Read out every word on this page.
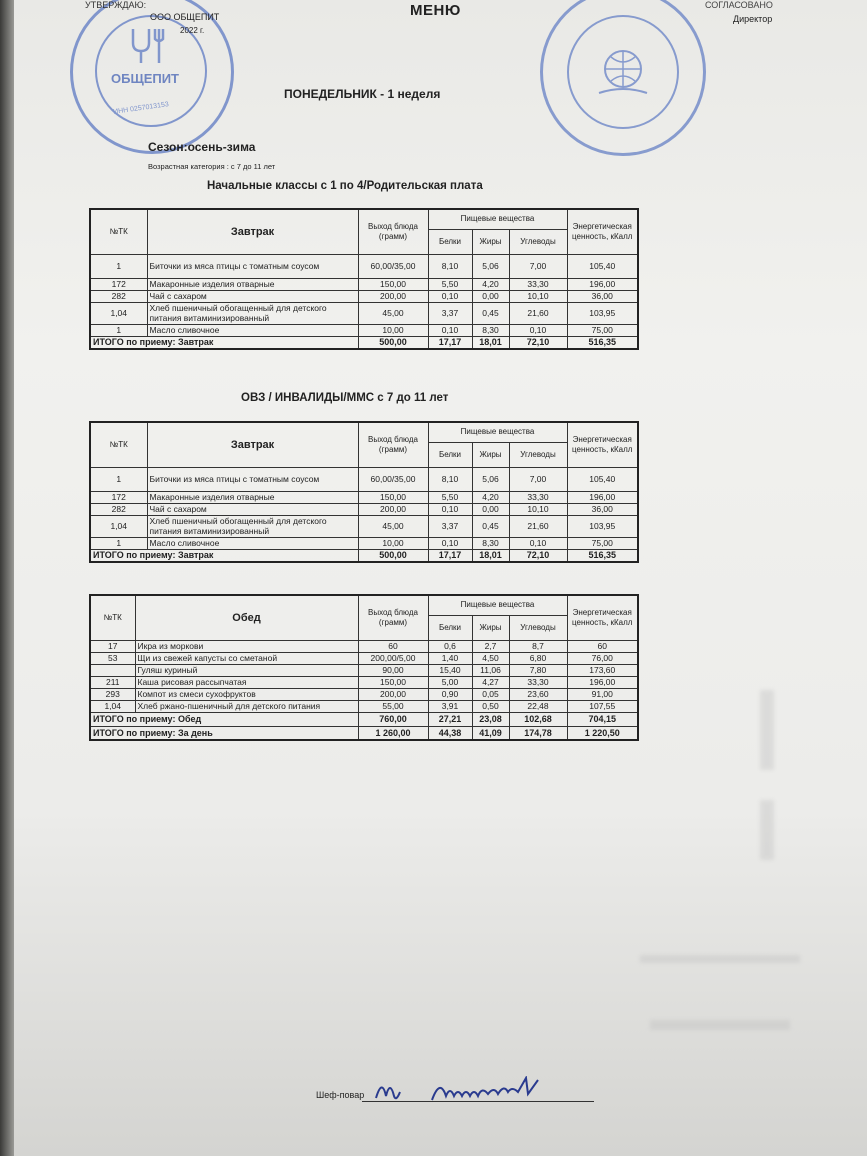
ОБЩЕПИТ
ИНН 0257013153
УТВЕРЖДАЮ:
ООО ОБЩЕПИТ
2022 г.
МЕНЮ	СОГЛАСОВАНО
Директор
ПОНЕДЕЛЬНИК - 1 неделя
Сезон:осень-зима
Возрастная категория : с 7 до 11 лет
Начальные классы с 1 по 4/Родительская плата
ОВЗ / ИНВАЛИДЫ/ММС с 7 до 11 лет
№ТК	Завтрак	Выход блюда (грамм)	Пищевые вещества			Энергетическая ценность, кКалл
			Белки	Жиры	Углеводы	
1	Биточки из мяса птицы с томатным соусом	60,00/35,00	8,10	5,06	7,00	105,40
172	Макаронные изделия отварные	150,00	5,50	4,20	33,30	196,00
282	Чай с сахаром	200,00	0,10	0,00	10,10	36,00
1,04	Хлеб пшеничный обогащенный для детского питания витаминизированный	45,00	3,37	0,45	21,60	103,95
1	Масло сливочное	10,00	0,10	8,30	0,10	75,00
ИТОГО по приему: Завтрак		500,00	17,17	18,01	72,10	516,35
№ТК	Завтрак	Выход блюда (грамм)	Пищевые вещества			Энергетическая ценность, кКалл
			Белки	Жиры	Углеводы	
1	Биточки из мяса птицы с томатным соусом	60,00/35,00	8,10	5,06	7,00	105,40
172	Макаронные изделия отварные	150,00	5,50	4,20	33,30	196,00
282	Чай с сахаром	200,00	0,10	0,00	10,10	36,00
1,04	Хлеб пшеничный обогащенный для детского питания витаминизированный	45,00	3,37	0,45	21,60	103,95
1	Масло сливочное	10,00	0,10	8,30	0,10	75,00
ИТОГО по приему: Завтрак		500,00	17,17	18,01	72,10	516,35
№ТК	Обед	Выход блюда (грамм)	Пищевые вещества			Энергетическая ценность, кКалл
			Белки	Жиры	Углеводы	
17	Икра из моркови	60	0,6	2,7	8,7	60
53	Щи из свежей капусты со сметаной	200,00/5,00	1,40	4,50	6,80	76,00
	Гуляш куриный	90,00	15,40	11,06	7,80	173,60
211	Каша рисовая рассыпчатая	150,00	5,00	4,27	33,30	196,00
293	Компот из смеси сухофруктов	200,00	0,90	0,05	23,60	91,00
1,04	Хлеб ржано-пшеничный для детского питания	55,00	3,91	0,50	22,48	107,55
ИТОГО по приему: Обед		760,00	27,21	23,08	102,68	704,15
ИТОГО по приему: За день		1 260,00	44,38	41,09	174,78	1 220,50
Шеф-повар
